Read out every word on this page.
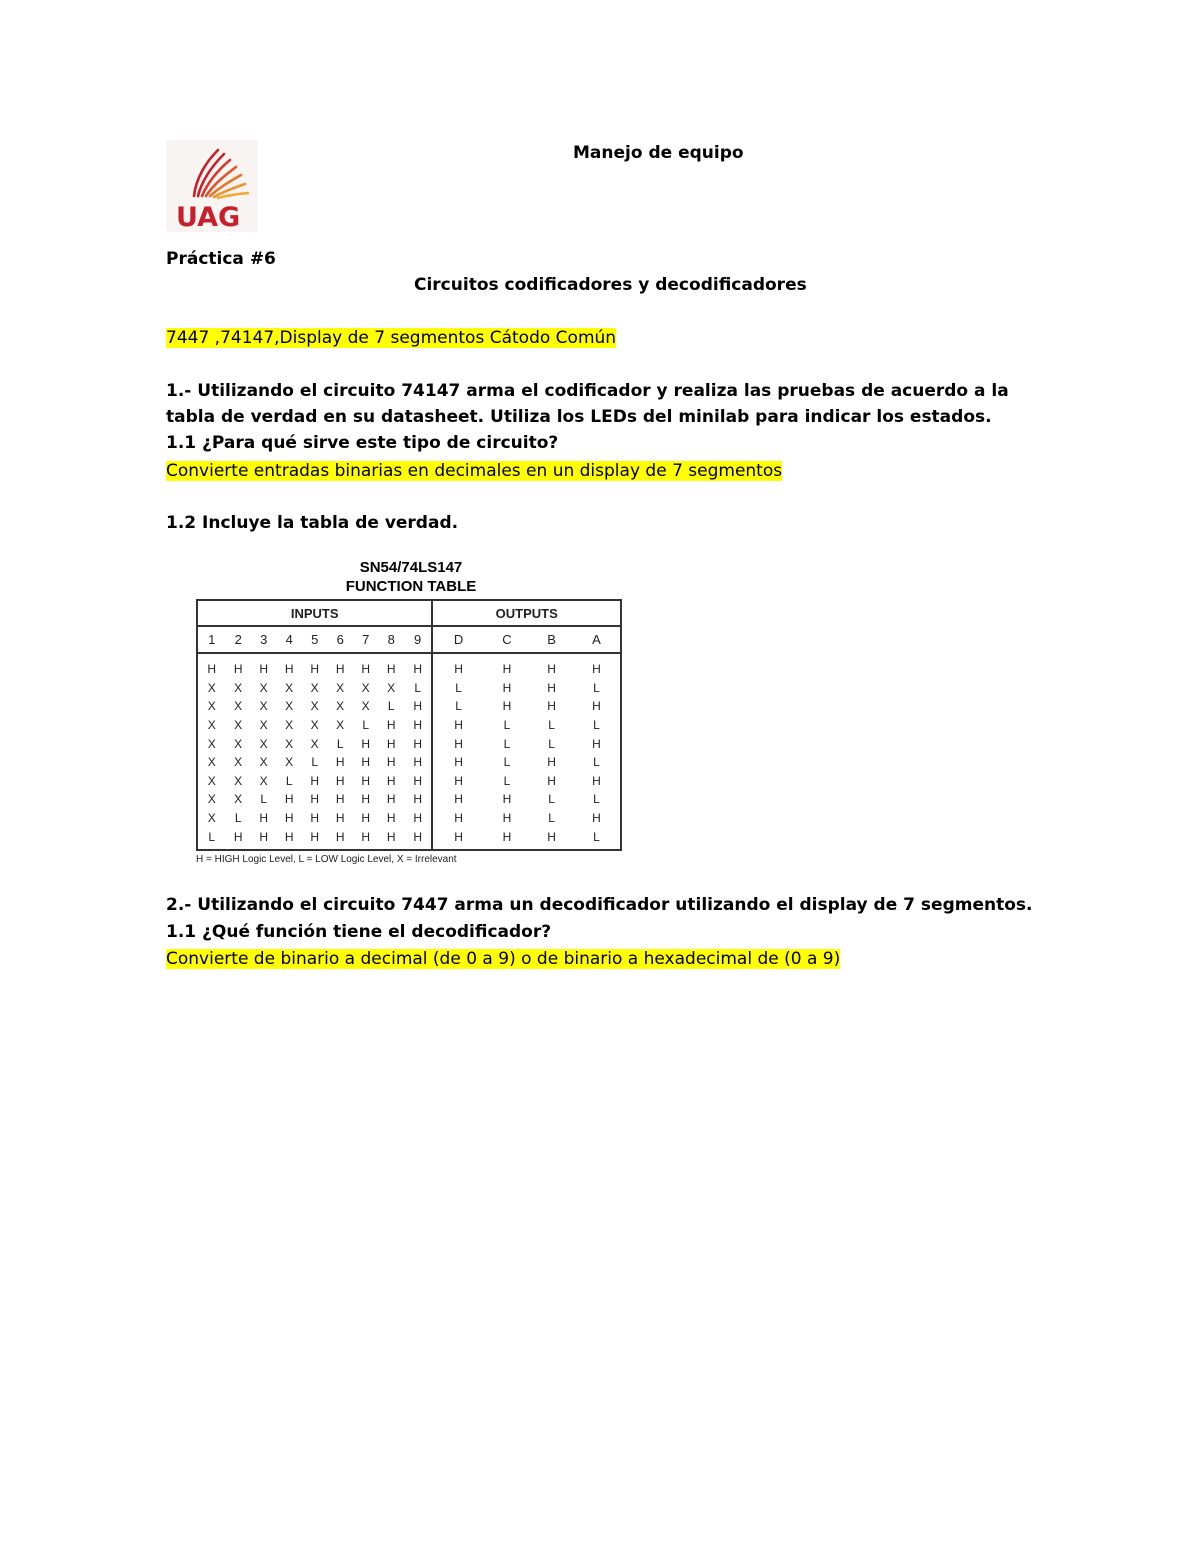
UAG
Manejo de equipo
Práctica #6
Circuitos codificadores y decodificadores
7447 ,74147,Display de 7 segmentos Cátodo Común
1.- Utilizando el circuito 74147 arma el codificador y realiza las pruebas de acuerdo a la tabla de verdad en su datasheet. Utiliza los LEDs del minilab para indicar los estados.
1.1 ¿Para qué sirve este tipo de circuito?
Convierte entradas binarias en decimales en un display de 7 segmentos
1.2 Incluye la tabla de verdad.
SN54/74LS147
FUNCTION TABLE
INPUTS									OUTPUTS			
1	2	3	4	5	6	7	8	9	D	C	B	A
H	H	H	H	H	H	H	H	H	H	H	H	H
X	X	X	X	X	X	X	X	L	L	H	H	L
X	X	X	X	X	X	X	L	H	L	H	H	H
X	X	X	X	X	X	L	H	H	H	L	L	L
X	X	X	X	X	L	H	H	H	H	L	L	H
X	X	X	X	L	H	H	H	H	H	L	H	L
X	X	X	L	H	H	H	H	H	H	L	H	H
X	X	L	H	H	H	H	H	H	H	H	L	L
X	L	H	H	H	H	H	H	H	H	H	L	H
L	H	H	H	H	H	H	H	H	H	H	H	L
H = HIGH Logic Level, L = LOW Logic Level, X = Irrelevant
2.- Utilizando el circuito 7447 arma un decodificador utilizando el display de 7 segmentos.
1.1 ¿Qué función tiene el decodificador?
Convierte de binario a decimal (de 0 a 9) o de binario a hexadecimal de (0 a 9)
